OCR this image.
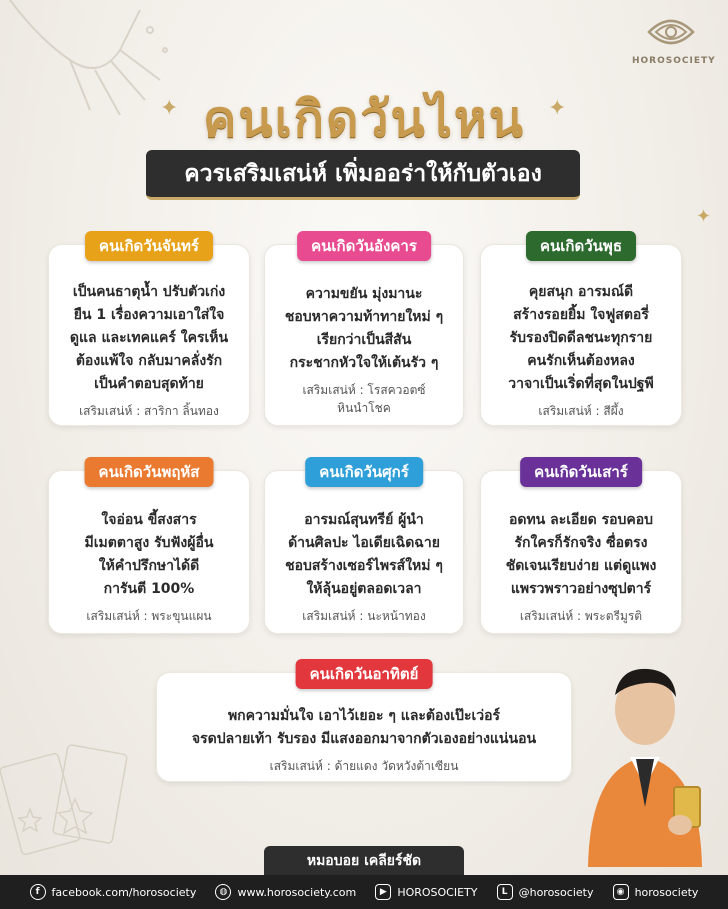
HOROSOCIETY
✦	✦
✦
คนเกิดวันไหน
ควรเสริมเสน่ห์ เพิ่มออร่าให้กับตัวเอง
คนเกิดวันจันทร์
เป็นคนธาตุน้ำ ปรับตัวเก่ง
ยืน 1 เรื่องความเอาใส่ใจ
ดูแล และเทคแคร์ ใครเห็น
ต้องแพ้ใจ กลับมาคลั่งรัก
เป็นคำตอบสุดท้าย
เสริมเสน่ห์ : สาริกา ลิ้นทอง
คนเกิดวันอังคาร
ความขยัน มุ่งมานะ
ชอบหาความท้าทายใหม่ ๆ
เรียกว่าเป็นสีสัน
กระชากหัวใจให้เต้นรัว ๆ
เสริมเสน่ห์ : โรสควอตซ์
หินนำโชค
คนเกิดวันพุธ
คุยสนุก อารมณ์ดี
สร้างรอยยิ้ม ใจฟูสตอรี่
รับรองปิดดีลชนะทุกราย
คนรักเห็นต้องหลง
วาจาเป็นเริ่ดที่สุดในปฐพี
เสริมเสน่ห์ : สีผึ้ง
คนเกิดวันพฤหัส
ใจอ่อน ขี้สงสาร
มีเมตตาสูง รับฟังผู้อื่น
ให้คำปรึกษาได้ดี
การันตี 100%
เสริมเสน่ห์ : พระขุนแผน
คนเกิดวันศุกร์
อารมณ์สุนทรีย์ ผู้นำ
ด้านศิลปะ ไอเดียเฉิดฉาย
ชอบสร้างเซอร์ไพรส์ใหม่ ๆ
ให้ลุ้นอยู่ตลอดเวลา
เสริมเสน่ห์ : นะหน้าทอง
คนเกิดวันเสาร์
อดทน ละเอียด รอบคอบ
รักใครก็รักจริง ซื่อตรง
ชัดเจนเรียบง่าย แต่ดูแพง
แพรวพราวอย่างซุปตาร์
เสริมเสน่ห์ : พระตรีมูรติ
คนเกิดวันอาทิตย์
พกความมั่นใจ เอาไว้เยอะ ๆ และต้องเป๊ะเว่อร์
จรดปลายเท้า รับรอง มีแสงออกมาจากตัวเองอย่างแน่นอน
เสริมเสน่ห์ : ด้ายแดง วัดหวังต้าเซียน
หมอบอย เคลียร์ชัด
f	facebook.com/horosociety	◍ www.horosociety.com	▶ HOROSOCIETY	L	@horosociety	◉ horosociety
